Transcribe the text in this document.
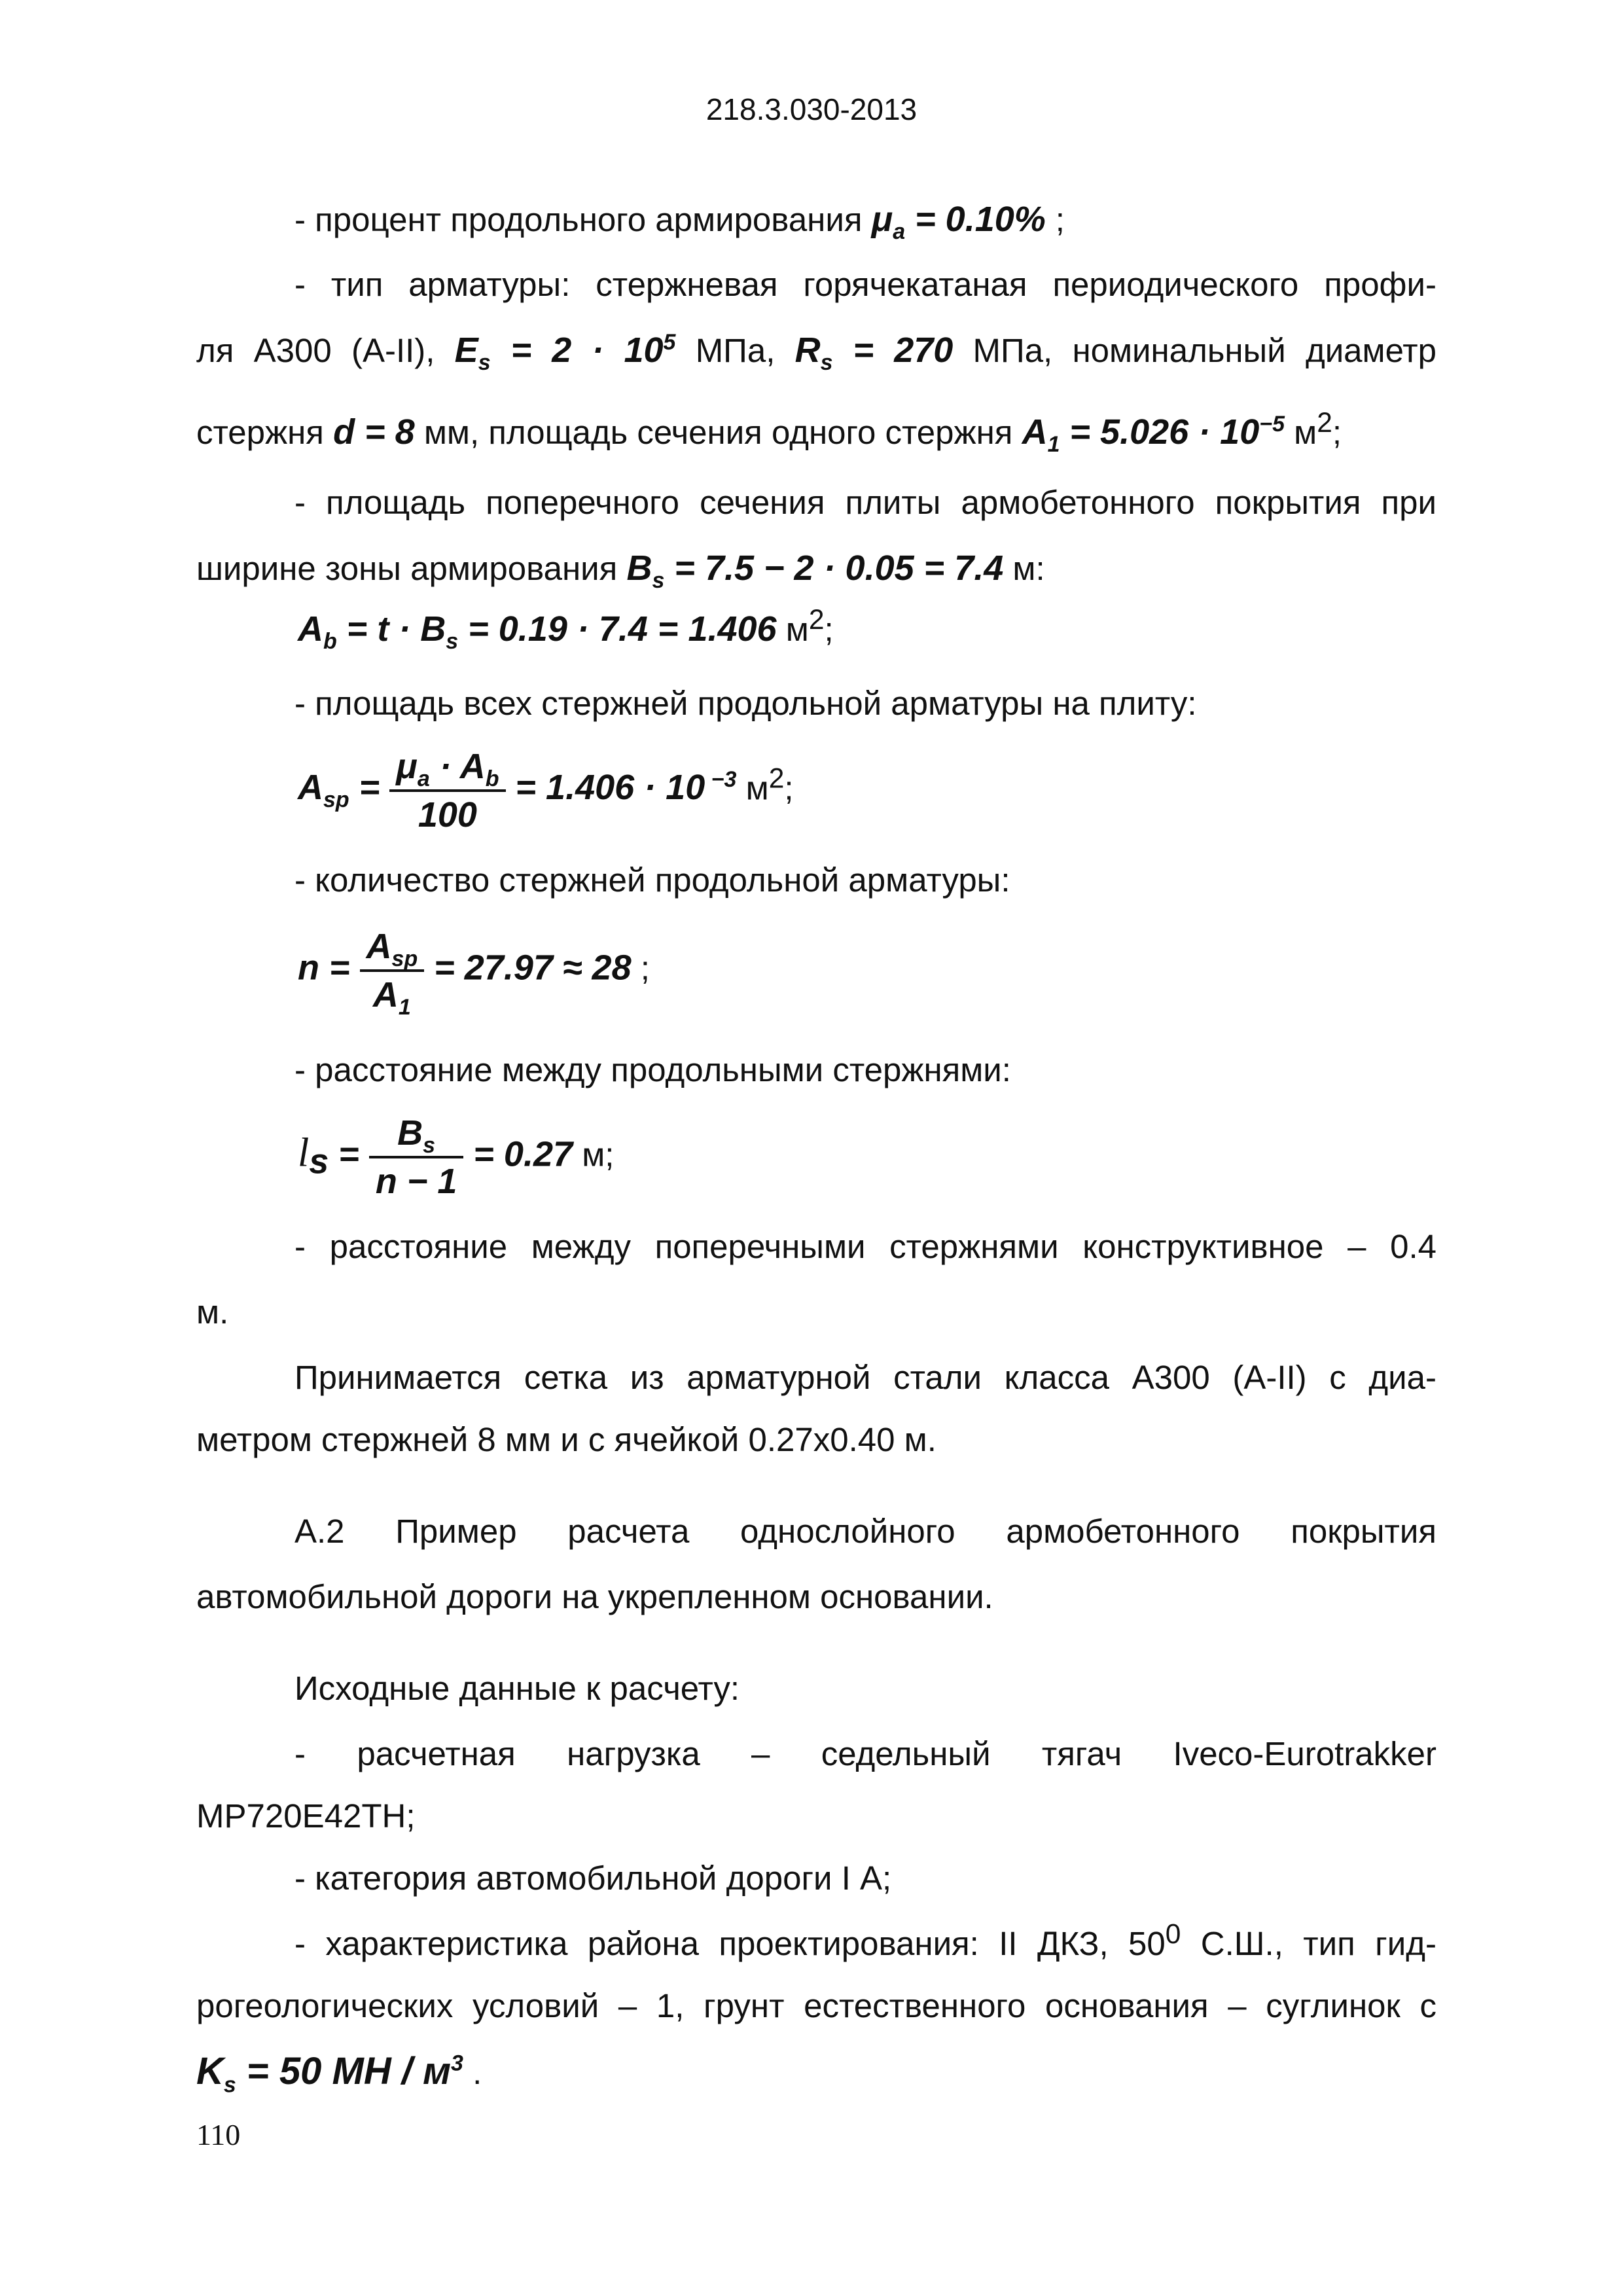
218.3.030-2013
- процент продольного армирования $\mu_a = 0.10\%$ ;
- тип арматуры: стержневая горячекатаная периодического профи-
ля А300 (А-II), $E_s = 2 \cdot 10^5$ МПа, $R_s = 270$ МПа, номинальный диаметр
стержня d = 8 мм, площадь сечения одного стержня $A_1 = 5.026 \cdot 10^{-5}$ $м^2$;
- площадь поперечного сечения плиты армобетонного покрытия при
ширине зоны армирования $B_s = 7.5 - 2 \cdot 0.05 = 7.4$ м:
$A_b = t \cdot B_s = 0.19 \cdot 7.4 = 1.406$ $м^2$;
- площадь всех стержней продольной арматуры на плиту:
$A_{sp} = \frac{\mu_a \cdot A_b}{100} = 1.406 \cdot 10$ $^{-3}$ $м^2$;
- количество стержней продольной арматуры:
$n = \frac{A_{sp}}{A_1} = 27.97 \approx 28$ ;
- расстояние между продольными стержнями:
$l_s = \frac{B_s}{n - 1} = 0.27$ м;
- расстояние между поперечными стержнями конструктивное – 0.4
м.
Принимается сетка из арматурной стали класса А300 (А-II) с диа-
метром стержней 8 мм и с ячейкой 0.27х0.40 м.
А.2 Пример расчета однослойного армобетонного покрытия
автомобильной дороги на укрепленном основании.
Исходные данные к расчету:
- расчетная нагрузка – седельный тягач Iveco-Eurotrakker
MP720E42TH;
- категория автомобильной дороги I А;
- характеристика района проектирования: II ДКЗ, $50^0$ С.Ш., тип гид-
рогеологических условий – 1, грунт естественного основания – суглинок с
$K_s = 50$ MH / $м^3$ .
110
